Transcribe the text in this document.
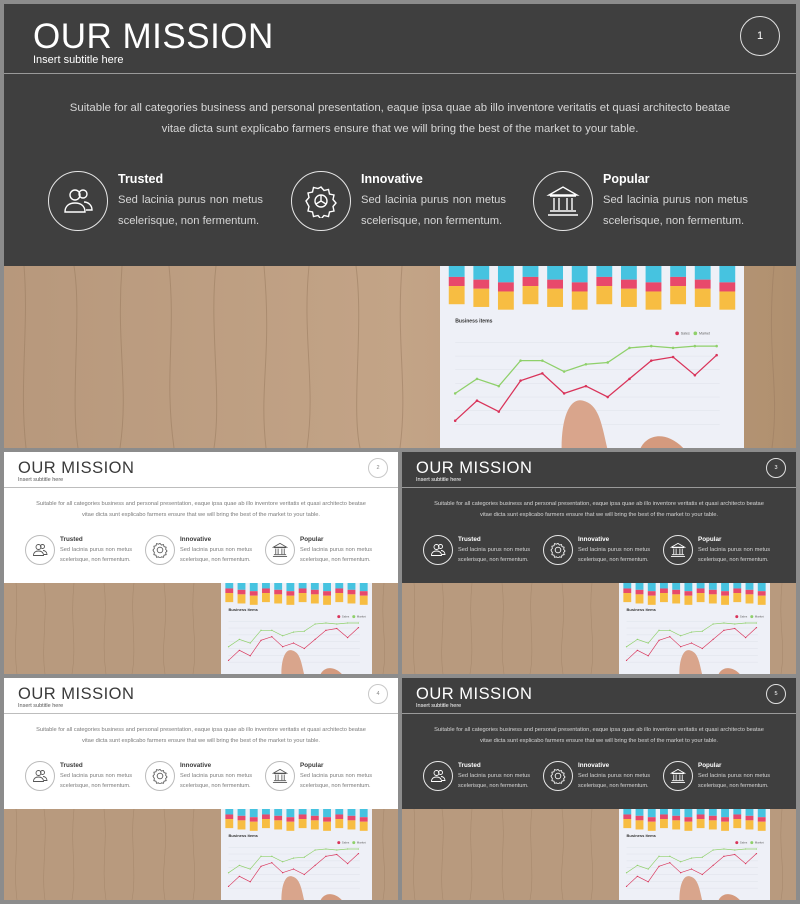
OUR MISSION
Insert subtitle here
1
Suitable for all categories business and personal presentation, eaque ipsa quae ab illo inventore veritatis et quasi architecto beatae vitae dicta sunt explicabo farmers ensure that we will bring the best of the market to your table.
Trusted
Sed lacinia purus non metus scelerisque, non fermentum.
Innovative
Sed lacinia purus non metus scelerisque, non fermentum.
Popular
Sed lacinia purus non metus scelerisque, non fermentum.
Business items
Sales	Market
OUR MISSION
Insert subtitle here
2
Suitable for all categories business and personal presentation, eaque ipsa quae ab illo inventore veritatis et quasi architecto beatae vitae dicta sunt explicabo farmers ensure that we will bring the best of the market to your table.
Trusted
Sed lacinia purus non metus scelerisque, non fermentum.
Innovative
Sed lacinia purus non metus scelerisque, non fermentum.
Popular
Sed lacinia purus non metus scelerisque, non fermentum.
Business items
Sales Market
OUR MISSION
Insert subtitle here
3
Suitable for all categories business and personal presentation, eaque ipsa quae ab illo inventore veritatis et quasi architecto beatae vitae dicta sunt explicabo farmers ensure that we will bring the best of the market to your table.
Trusted
Sed lacinia purus non metus scelerisque, non fermentum.
Innovative
Sed lacinia purus non metus scelerisque, non fermentum.
Popular
Sed lacinia purus non metus scelerisque, non fermentum.
Business items
Sales Market
OUR MISSION
Insert subtitle here
4
Suitable for all categories business and personal presentation, eaque ipsa quae ab illo inventore veritatis et quasi architecto beatae vitae dicta sunt explicabo farmers ensure that we will bring the best of the market to your table.
Trusted
Sed lacinia purus non metus scelerisque, non fermentum.
Innovative
Sed lacinia purus non metus scelerisque, non fermentum.
Popular
Sed lacinia purus non metus scelerisque, non fermentum.
Business items
Sales Market
OUR MISSION
Insert subtitle here
5
Suitable for all categories business and personal presentation, eaque ipsa quae ab illo inventore veritatis et quasi architecto beatae vitae dicta sunt explicabo farmers ensure that we will bring the best of the market to your table.
Trusted
Sed lacinia purus non metus scelerisque, non fermentum.
Innovative
Sed lacinia purus non metus scelerisque, non fermentum.
Popular
Sed lacinia purus non metus scelerisque, non fermentum.
Business items
Sales Market
